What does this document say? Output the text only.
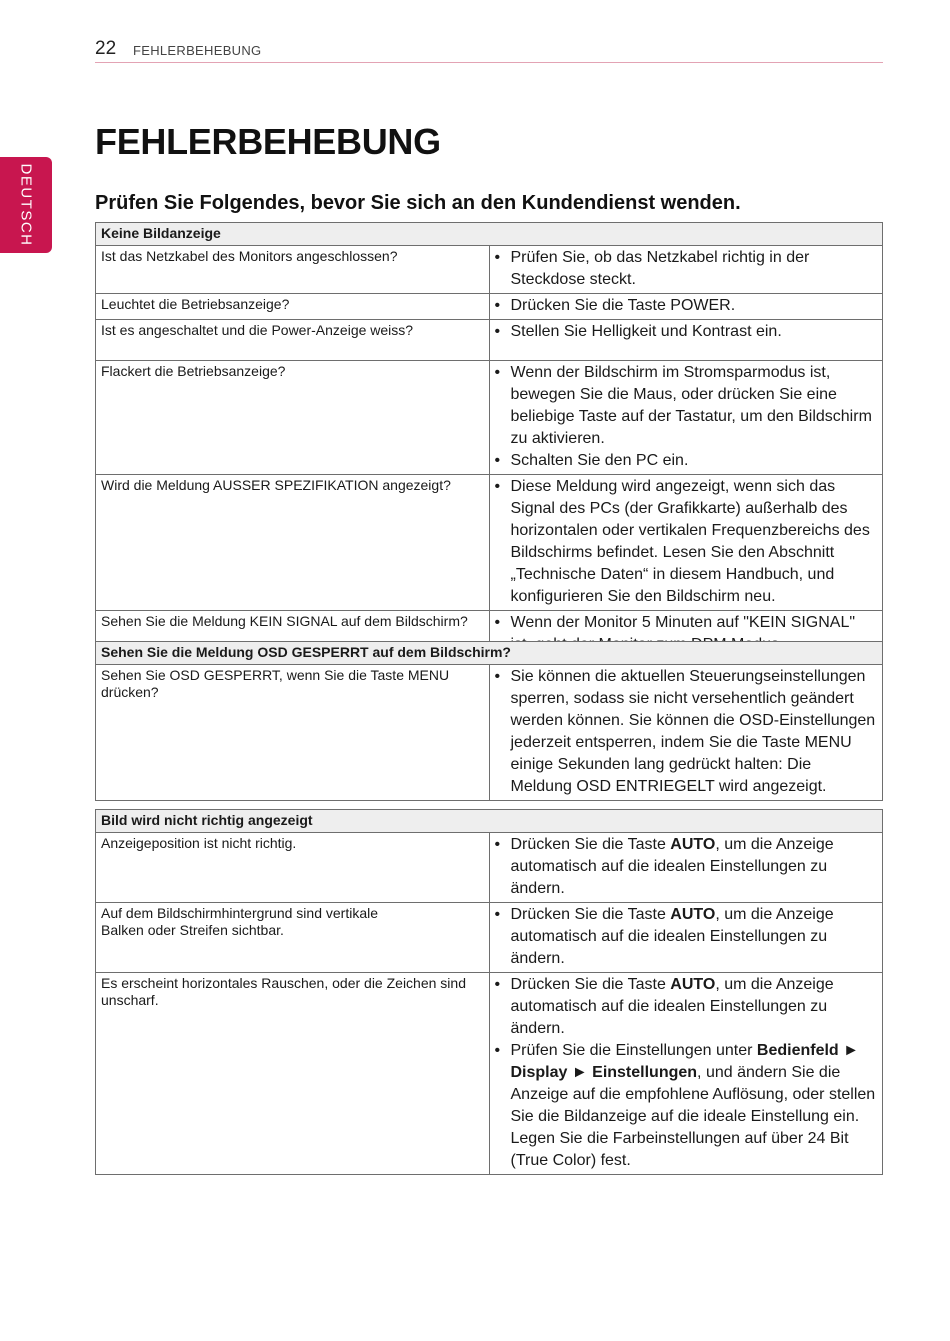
22 FEHLERBEHEBUNG
DEUTSCH
FEHLERBEHEBUNG
Prüfen Sie Folgendes, bevor Sie sich an den Kundendienst wenden.
Keine Bildanzeige	
Ist das Netzkabel des Monitors angeschlossen?	• Prüfen Sie, ob das Netzkabel richtig in der Steckdose steckt.

Leuchtet die Betriebsanzeige?	• Drücken Sie die Taste POWER.

Ist es angeschaltet und die Power-Anzeige weiss?	• Stellen Sie Helligkeit und Kontrast ein.

Flackert die Betriebsanzeige?	• Wenn der Bildschirm im Stromsparmodus ist, bewegen Sie die Maus, oder drücken Sie eine beliebige Taste auf der Tastatur, um den Bildschirm zu aktivieren.
• Schalten Sie den PC ein.

Wird die Meldung AUSSER SPEZIFIKATION angezeigt?	• Diese Meldung wird angezeigt, wenn sich das Signal des PCs (der Grafikkarte) außerhalb des horizontalen oder vertikalen Frequenzbereichs des Bildschirms befindet. Lesen Sie den Abschnitt „Technische Daten“ in diesem Handbuch, und konfigurieren Sie den Bildschirm neu.

Sehen Sie die Meldung KEIN SIGNAL auf dem Bildschirm?	• Wenn der Monitor 5 Minuten auf "KEIN SIGNAL"
Sehen Sie die Meldung OSD GESPERRT auf dem Bildschirm?
Sehen Sie OSD GESPERRT, wenn Sie die Taste MENU drücken?	
• Sie können die aktuellen Steuerungseinstellungen sperren, sodass sie nicht versehentlich geändert werden können. Sie können die OSD-Einstellungen jederzeit entsperren, indem Sie die Taste MENU einige Sekunden lang gedrückt halten: Die Meldung OSD ENTRIEGELT wird angezeigt.
Bild wird nicht richtig angezeigt	
Anzeigeposition ist nicht richtig.	• Drücken Sie die Taste AUTO, um die Anzeige automatisch auf die idealen Einstellungen zu ändern.

Auf dem Bildschirmhintergrund sind vertikale
Balken oder Streifen sichtbar.	• Drücken Sie die Taste AUTO, um die Anzeige automatisch auf die idealen Einstellungen zu ändern.

Es erscheint horizontales Rauschen, oder die Zeichen sind unscharf.	• Drücken Sie die Taste AUTO, um die Anzeige automatisch auf die idealen Einstellungen zu ändern.
• Prüfen Sie die Einstellungen unter Bedienfeld ► Display ► Einstellungen, und ändern Sie die Anzeige auf die empfohlene Auflösung, oder stellen Sie die Bildanzeige auf die ideale Einstellung ein. Legen Sie die Farbeinstellungen auf über 24 Bit (True Color) fest.
